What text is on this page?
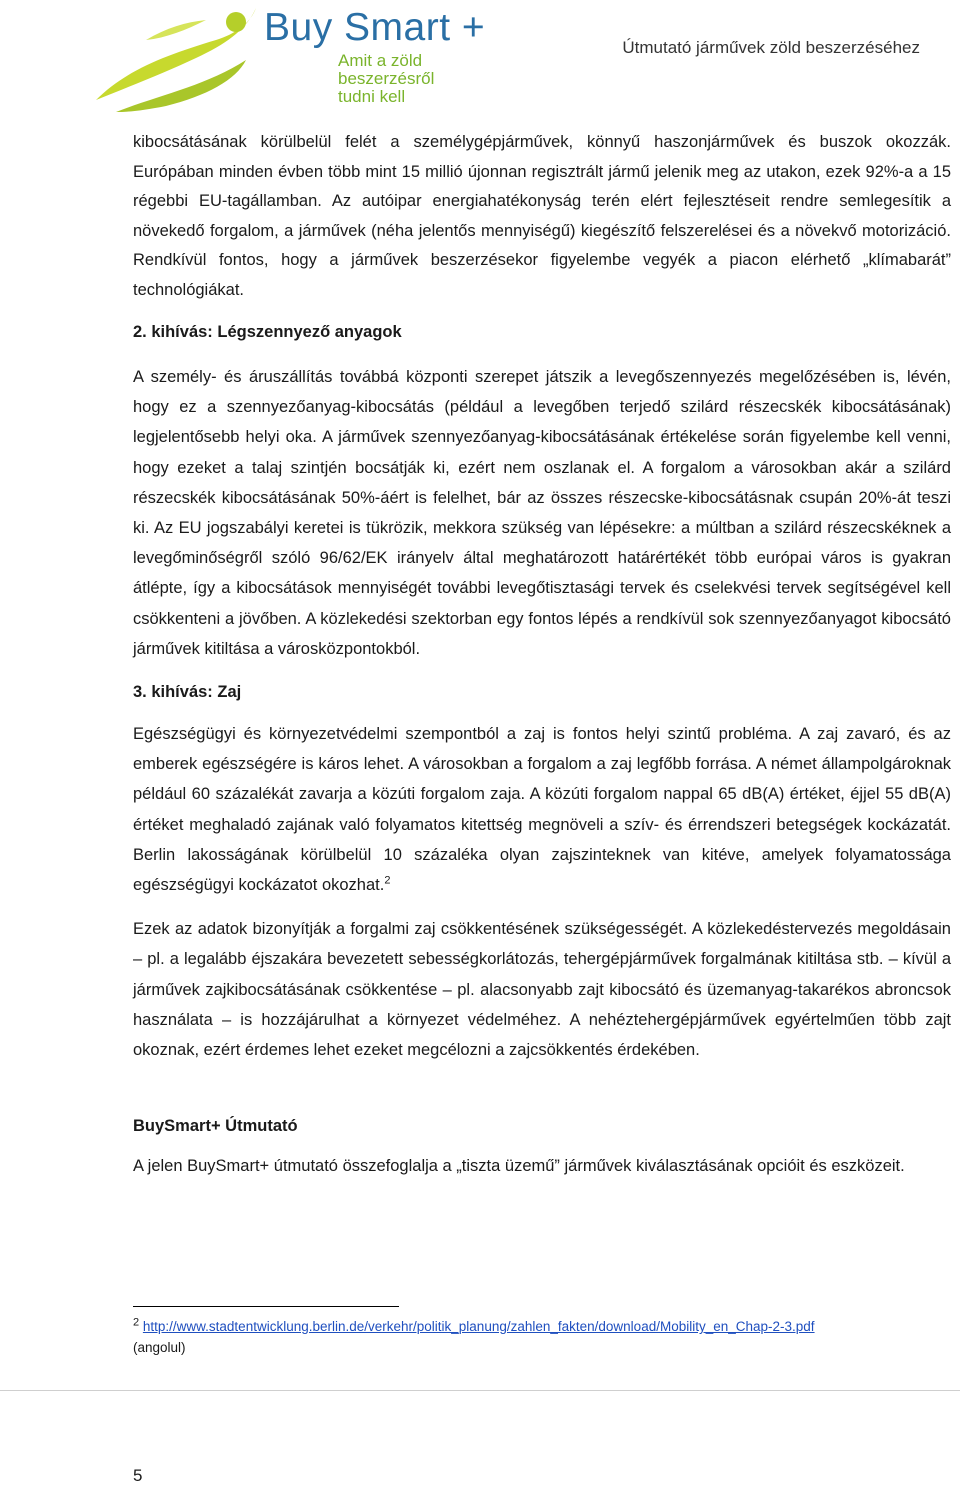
Buy Smart +
Amit a zöld beszerzésről
tudni kell
Útmutató járművek zöld beszerzéséhez

kibocsátásának körülbelül felét a személygépjárművek, könnyű haszonjárművek és buszok okozzák. Európában minden évben több mint 15 millió újonnan regisztrált jármű jelenik meg az utakon, ezek 92%-a a 15 régebbi EU-tagállamban. Az autóipar energiahatékonyság terén elért fejlesztéseit rendre semlegesítik a növekedő forgalom, a járművek (néha jelentős mennyiségű) kiegészítő felszerelései és a növekvő motorizáció. Rendkívül fontos, hogy a járművek beszerzésekor figyelembe vegyék a piacon elérhető „klímabarát” technológiákat.

2. kihívás: Légszennyező anyagok

A személy- és áruszállítás továbbá központi szerepet játszik a levegőszennyezés megelőzésében is, lévén, hogy ez a szennyezőanyag-kibocsátás (például a levegőben terjedő szilárd részecskék kibocsátásának) legjelentősebb helyi oka. A járművek szennyezőanyag-kibocsátásának értékelése során figyelembe kell venni, hogy ezeket a talaj szintjén bocsátják ki, ezért nem oszlanak el. A forgalom a városokban akár a szilárd részecskék kibocsátásának 50%-áért is felelhet, bár az összes részecske-kibocsátásnak csupán 20%-át teszi ki. Az EU jogszabályi keretei is tükrözik, mekkora szükség van lépésekre: a múltban a szilárd részecskéknek a levegőminőségről szóló 96/62/EK irányelv által meghatározott határértékét több európai város is gyakran átlépte, így a kibocsátások mennyiségét további levegőtisztasági tervek és cselekvési tervek segítségével kell csökkenteni a jövőben. A közlekedési szektorban egy fontos lépés a rendkívül sok szennyezőanyagot kibocsátó járművek kitiltása a városközpontokból.

3. kihívás: Zaj

Egészségügyi és környezetvédelmi szempontból a zaj is fontos helyi szintű probléma. A zaj zavaró, és az emberek egészségére is káros lehet. A városokban a forgalom a zaj legfőbb forrása. A német állampolgároknak például 60 százalékát zavarja a közúti forgalom zaja. A közúti forgalom nappal 65 dB(A) értéket, éjjel 55 dB(A) értéket meghaladó zajának való folyamatos kitettség megnöveli a szív- és érrendszeri betegségek kockázatát. Berlin lakosságának körülbelül 10 százaléka olyan zajszinteknek van kitéve, amelyek folyamatossága egészségügyi kockázatot okozhat.$^2$

Ezek az adatok bizonyítják a forgalmi zaj csökkentésének szükségességét. A közlekedéstervezés megoldásain – pl. a legalább éjszakára bevezetett sebességkorlátozás, tehergépjárművek forgalmának kitiltása stb. – kívül a járművek zajkibocsátásának csökkentése – pl. alacsonyabb zajt kibocsátó és üzemanyag-takarékos abroncsok használata – is hozzájárulhat a környezet védelméhez. A nehéztehergépjárművek egyértelműen több zajt okoznak, ezért érdemes lehet ezeket megcélozni a zajcsökkentés érdekében.

BuySmart+ Útmutató

A jelen BuySmart+ útmutató összefoglalja a „tiszta üzemű” járművek kiválasztásának opcióit és eszközeit.

$^2$ http://www.stadtentwicklung.berlin.de/verkehr/politik_planung/zahlen_fakten/download/Mobility_en_Chap-2-3.pdf
(angolul)
5
